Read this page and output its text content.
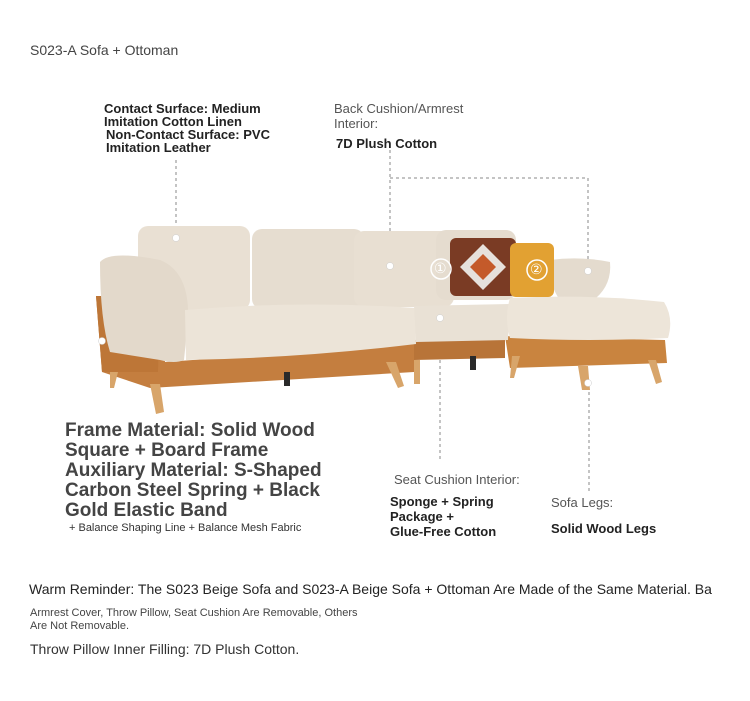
S023-A Sofa + Ottoman
①	②
Contact Surface: Medium
Imitation Cotton Linen
Non-Contact Surface: PVC
Imitation Leather
Back Cushion/Armrest
Interior:
7D Plush Cotton
Frame Material: Solid Wood
Square + Board Frame
Auxiliary Material: S-Shaped
Carbon Steel Spring + Black
Gold Elastic Band
+ Balance Shaping Line + Balance Mesh Fabric
Seat Cushion Interior:
Sponge + Spring
Package +
Glue-Free Cotton
Sofa Legs:
Solid Wood Legs
Warm Reminder: The S023 Beige Sofa and S023-A Beige Sofa + Ottoman Are Made of the Same Material. Ba
Armrest Cover, Throw Pillow, Seat Cushion Are Removable, Others
Are Not Removable.
Throw Pillow Inner Filling: 7D Plush Cotton.
